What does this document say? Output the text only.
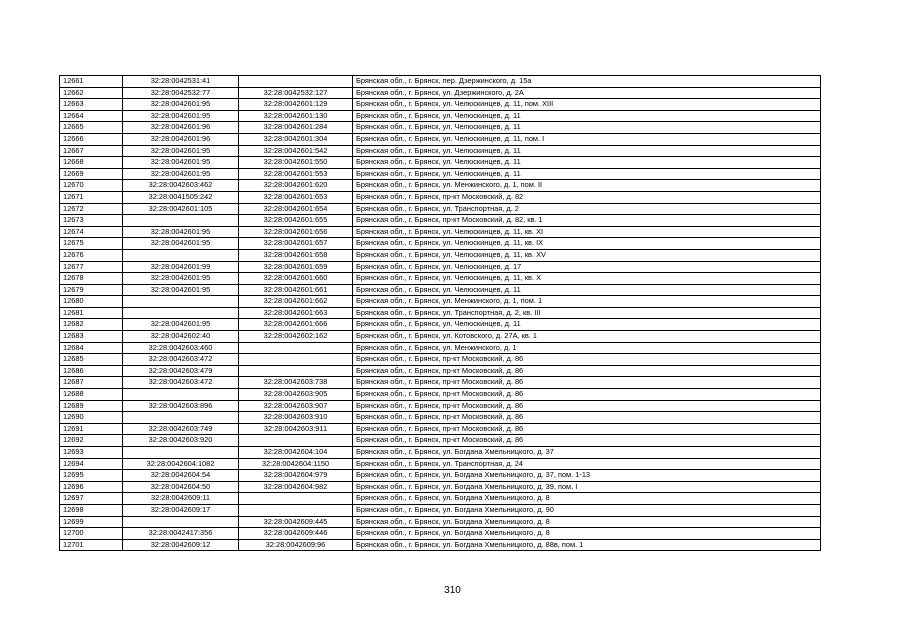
12661	32:28:0042531:41		Брянская обл., г. Брянск, пер. Дзержинского, д. 15а
12662	32:28:0042532:77	32:28:0042532:127	Брянская обл., г. Брянск, ул. Дзержинского, д. 2А
12663	32:28:0042601:95	32:28:0042601:129	Брянская обл., г. Брянск, ул. Челюскинцев, д. 11, пом. XIII
12664	32:28:0042601:95	32:28:0042601:130	Брянская обл., г. Брянск, ул. Челюскинцев, д. 11
12665	32:28:0042601:96	32:28:0042601:284	Брянская обл., г. Брянск, ул. Челюскинцев, д. 11
12666	32:28:0042601:96	32:28:0042601:304	Брянская обл., г. Брянск, ул. Челюскинцев, д. 11, пом. I
12667	32:28:0042601:95	32:28:0042601:542	Брянская обл., г. Брянск, ул. Челюскинцев, д. 11
12668	32:28:0042601:95	32:28:0042601:550	Брянская обл., г. Брянск, ул. Челюскинцев, д. 11
12669	32:28:0042601:95	32:28:0042601:553	Брянская обл., г. Брянск, ул. Челюскинцев, д. 11
12670	32:28:0042603:462	32:28:0042601:620	Брянская обл., г. Брянск, ул. Менжинского, д. 1, пом. II
12671	32:28:0041505:242	32:28:0042601:653	Брянская обл., г. Брянск, пр-кт Московский, д. 82
12672	32:28:0042601:105	32:28:0042601:654	Брянская обл., г. Брянск, ул. Транспортная, д. 2
12673		32:28:0042601:655	Брянская обл., г. Брянск, пр-кт Московский, д. 82, кв. 1
12674	32:28:0042601:95	32:28:0042601:656	Брянская обл., г. Брянск, ул. Челюскинцев, д. 11, кв. XI
12675	32:28:0042601:95	32:28:0042601:657	Брянская обл., г. Брянск, ул. Челюскинцев, д. 11, кв. IX
12676		32:28:0042601:658	Брянская обл., г. Брянск, ул. Челюскинцев, д. 11, кв. XV
12677	32:28:0042601:99	32:28:0042601:659	Брянская обл., г. Брянск, ул. Челюскинцев, д. 17
12678	32:28:0042601:95	32:28:0042601:660	Брянская обл., г. Брянск, ул. Челюскинцев, д. 11, кв. X
12679	32:28:0042601:95	32:28:0042601:661	Брянская обл., г. Брянск, ул. Челюскинцев, д. 11
12680		32:28:0042601:662	Брянская обл., г. Брянск, ул. Менжинского, д. 1, пом. 1
12681		32:28:0042601:663	Брянская обл., г. Брянск, ул. Транспортная, д. 2, кв. III
12682	32:28:0042601:95	32:28:0042601:666	Брянская обл., г. Брянск, ул. Челюскинцев, д. 11
12683	32:28:0042602:40	32:28:0042602:162	Брянская обл., г. Брянск, ул. Котовского, д. 27А, кв. 1
12684	32:28:0042603:460		Брянская обл., г. Брянск, ул. Менжинского, д. 1
12685	32:28:0042603:472		Брянская обл., г. Брянск, пр-кт Московский, д. 86
12686	32:28:0042603:479		Брянская обл., г. Брянск, пр-кт Московский, д. 86
12687	32:28:0042603:472	32:28:0042603:738	Брянская обл., г. Брянск, пр-кт Московский, д. 86
12688		32:28:0042603:905	Брянская обл., г. Брянск, пр-кт Московский, д. 86
12689	32:28:0042603:896	32:28:0042603:907	Брянская обл., г. Брянск, пр-кт Московский, д. 86
12690		32:28:0042603:910	Брянская обл., г. Брянск, пр-кт Московский, д. 86
12691	32:28:0042603:749	32:28:0042603:911	Брянская обл., г. Брянск, пр-кт Московский, д. 86
12692	32:28:0042603:920		Брянская обл., г. Брянск, пр-кт Московский, д. 86
12693		32:28:0042604:104	Брянская обл., г. Брянск, ул. Богдана Хмельницкого, д. 37
12694	32:28:0042604:1082	32:28:0042604:1150	Брянская обл., г. Брянск, ул. Транспортная, д. 24
12695	32:28:0042604:54	32:28:0042604:979	Брянская обл., г. Брянск, ул. Богдана Хмельницкого, д. 37, пом. 1-13
12696	32:28:0042604:50	32:28:0042604:982	Брянская обл., г. Брянск, ул. Богдана Хмельницкого, д. 39, пом. I
12697	32:28:0042609:11		Брянская обл., г. Брянск, ул. Богдана Хмельницкого, д. 8
12698	32:28:0042609:17		Брянская обл., г. Брянск, ул. Богдана Хмельницкого, д. 90
12699		32:28:0042609:445	Брянская обл., г. Брянск, ул. Богдана Хмельницкого, д. 8
12700	32:28:0042417:356	32:28:0042609:446	Брянская обл., г. Брянск, ул. Богдана Хмельницкого, д. 8
12701	32:28:0042609:12	32:28:0042609:96	Брянская обл., г. Брянск, ул. Богдана Хмельницкого, д. 88в, пом. 1
310
